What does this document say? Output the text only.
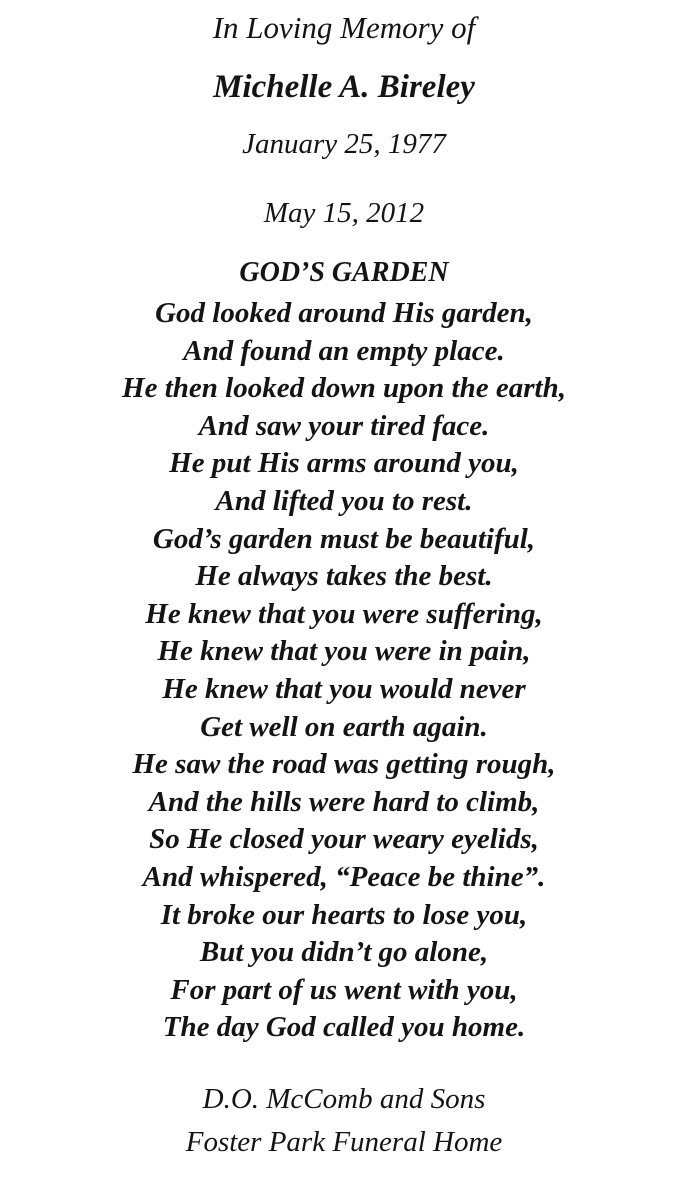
In Loving Memory of
Michelle A. Bireley
January 25, 1977
May 15, 2012
GOD’S GARDEN
God looked around His garden,
And found an empty place.
He then looked down upon the earth,
And saw your tired face.
He put His arms around you,
And lifted you to rest.
God’s garden must be beautiful,
He always takes the best.
He knew that you were suffering,
He knew that you were in pain,
He knew that you would never
Get well on earth again.
He saw the road was getting rough,
And the hills were hard to climb,
So He closed your weary eyelids,
And whispered, “Peace be thine”.
It broke our hearts to lose you,
But you didn’t go alone,
For part of us went with you,
The day God called you home.
D.O. McComb and Sons
Foster Park Funeral Home
